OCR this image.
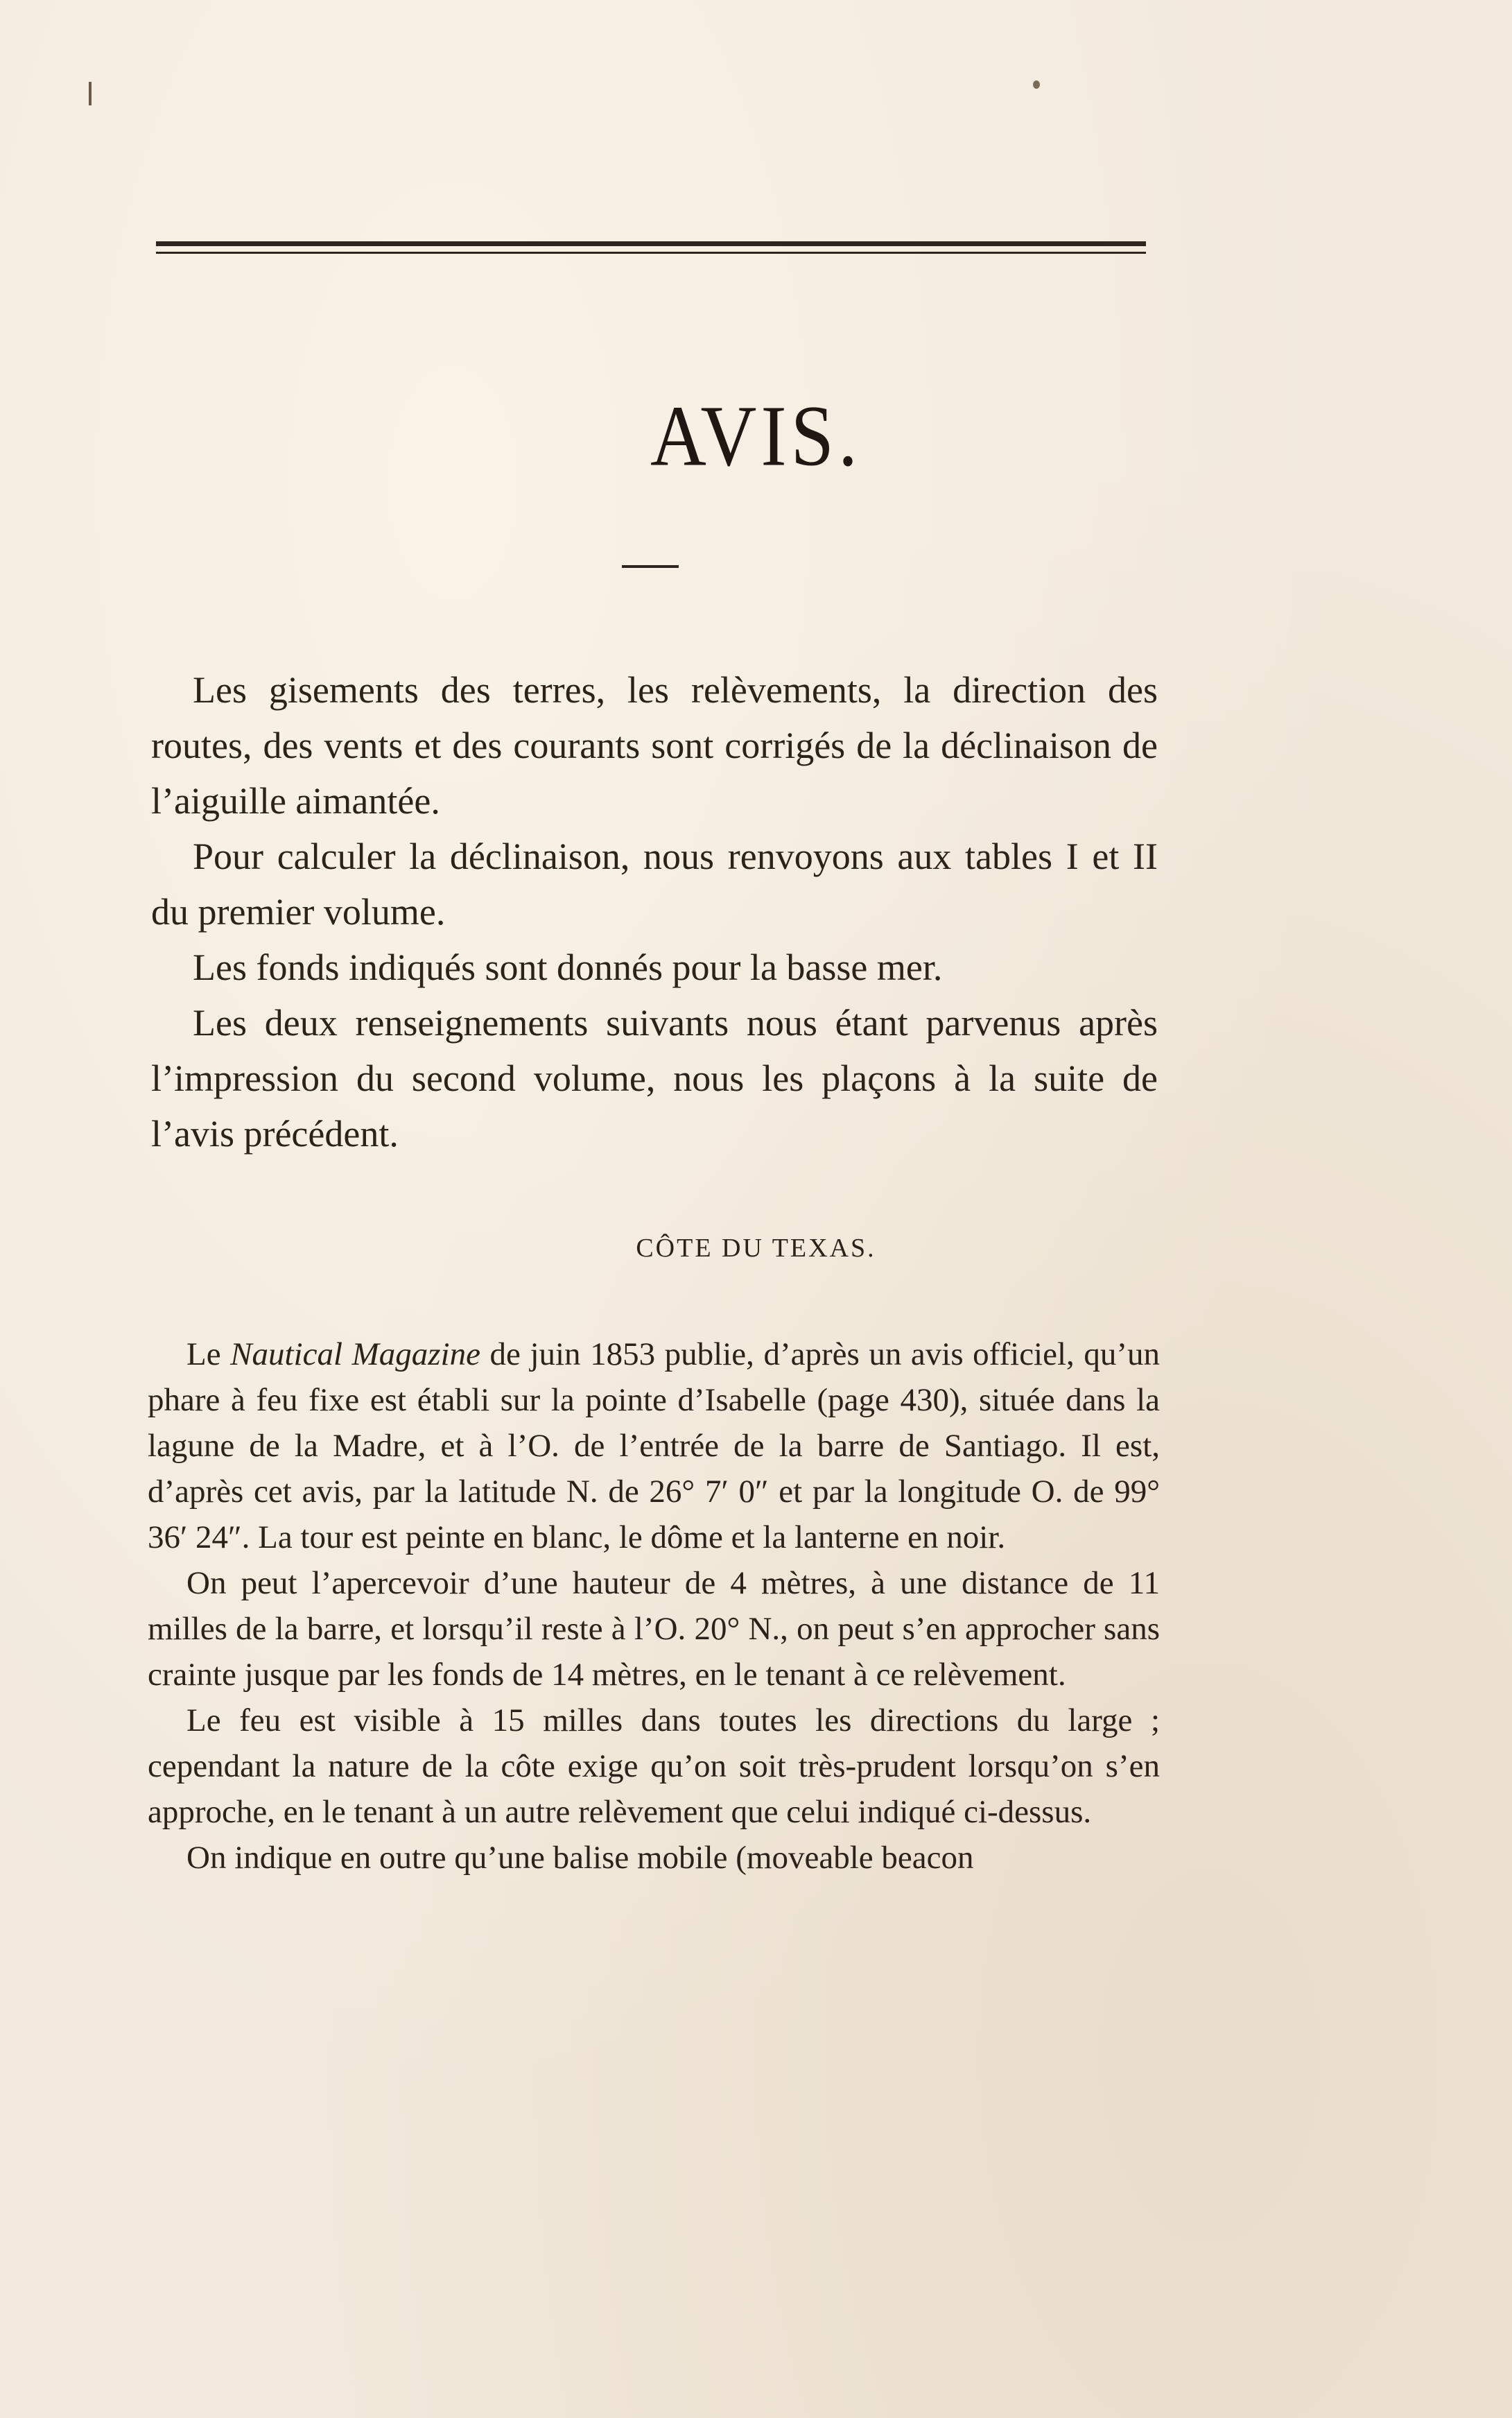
AVIS.

Les gisements des terres, les relèvements, la direction des routes, des vents et des courants sont corrigés de la déclinaison de l’aiguille aimantée.

Pour calculer la déclinaison, nous renvoyons aux tables I et II du premier volume.

Les fonds indiqués sont donnés pour la basse mer.

Les deux renseignements suivants nous étant parvenus après l’impression du second volume, nous les plaçons à la suite de l’avis précédent.

CÔTE DU TEXAS.

Le Nautical Magazine de juin 1853 publie, d’après un avis officiel, qu’un phare à feu fixe est établi sur la pointe d’Isabelle (page 430), située dans la lagune de la Madre, et à l’O. de l’entrée de la barre de Santiago. Il est, d’après cet avis, par la latitude N. de 26° 7′ 0″ et par la longitude O. de 99° 36′ 24″. La tour est peinte en blanc, le dôme et la lanterne en noir.

On peut l’apercevoir d’une hauteur de 4 mètres, à une distance de 11 milles de la barre, et lorsqu’il reste à l’O. 20° N., on peut s’en approcher sans crainte jusque par les fonds de 14 mètres, en le tenant à ce relèvement.

Le feu est visible à 15 milles dans toutes les directions du large ; cependant la nature de la côte exige qu’on soit très-prudent lorsqu’on s’en approche, en le tenant à un autre relèvement que celui indiqué ci-dessus.

On indique en outre qu’une balise mobile (moveable beacon
